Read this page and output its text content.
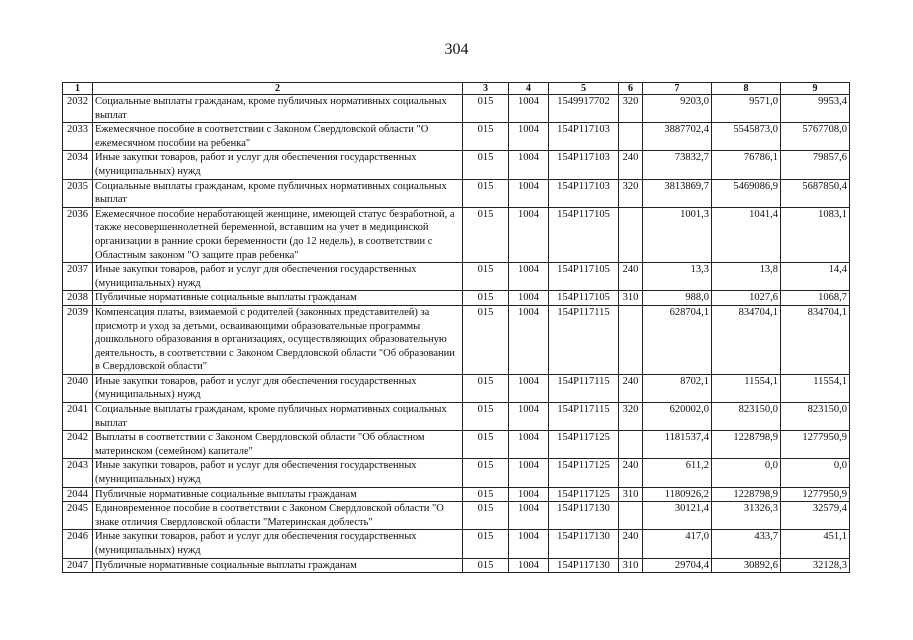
304
1	2	3	4	5	6	7	8	9
2032	Социальные выплаты гражданам, кроме публичных нормативных социальных выплат	015	1004	1549917702	320	9203,0	9571,0	9953,4
2033	Ежемесячное пособие в соответствии с Законом Свердловской области "О ежемесячном пособии на ребенка"	015	1004	154P117103		3887702,4	5545873,0	5767708,0
2034	Иные закупки товаров, работ и услуг для обеспечения государственных (муниципальных) нужд	015	1004	154P117103	240	73832,7	76786,1	79857,6
2035	Социальные выплаты гражданам, кроме публичных нормативных социальных выплат	015	1004	154P117103	320	3813869,7	5469086,9	5687850,4
2036	Ежемесячное пособие неработающей женщине, имеющей статус безработной, а также несовершеннолетней беременной, вставшим на учет в медицинской организации в ранние сроки беременности (до 12 недель), в соответствии с Областным законом "О защите прав ребенка"	015	1004	154P117105		1001,3	1041,4	1083,1
2037	Иные закупки товаров, работ и услуг для обеспечения государственных (муниципальных) нужд	015	1004	154P117105	240	13,3	13,8	14,4
2038	Публичные нормативные социальные выплаты гражданам	015	1004	154P117105	310	988,0	1027,6	1068,7
2039	Компенсация платы, взимаемой с родителей (законных представителей) за присмотр и уход за детьми, осваивающими образовательные программы дошкольного образования в организациях, осуществляющих образовательную деятельность, в соответствии с Законом Свердловской области "Об образовании в Свердловской области"	015	1004	154P117115		628704,1	834704,1	834704,1
2040	Иные закупки товаров, работ и услуг для обеспечения государственных (муниципальных) нужд	015	1004	154P117115	240	8702,1	11554,1	11554,1
2041	Социальные выплаты гражданам, кроме публичных нормативных социальных выплат	015	1004	154P117115	320	620002,0	823150,0	823150,0
2042	Выплаты в соответствии с Законом Свердловской области "Об областном материнском (семейном) капитале"	015	1004	154P117125		1181537,4	1228798,9	1277950,9
2043	Иные закупки товаров, работ и услуг для обеспечения государственных (муниципальных) нужд	015	1004	154P117125	240	611,2	0,0	0,0
2044	Публичные нормативные социальные выплаты гражданам	015	1004	154P117125	310	1180926,2	1228798,9	1277950,9
2045	Единовременное пособие в соответствии с Законом Свердловской области "О знаке отличия Свердловской области "Материнская доблесть"	015	1004	154P117130		30121,4	31326,3	32579,4
2046	Иные закупки товаров, работ и услуг для обеспечения государственных (муниципальных) нужд	015	1004	154P117130	240	417,0	433,7	451,1
2047	Публичные нормативные социальные выплаты гражданам	015	1004	154P117130	310	29704,4	30892,6	32128,3
